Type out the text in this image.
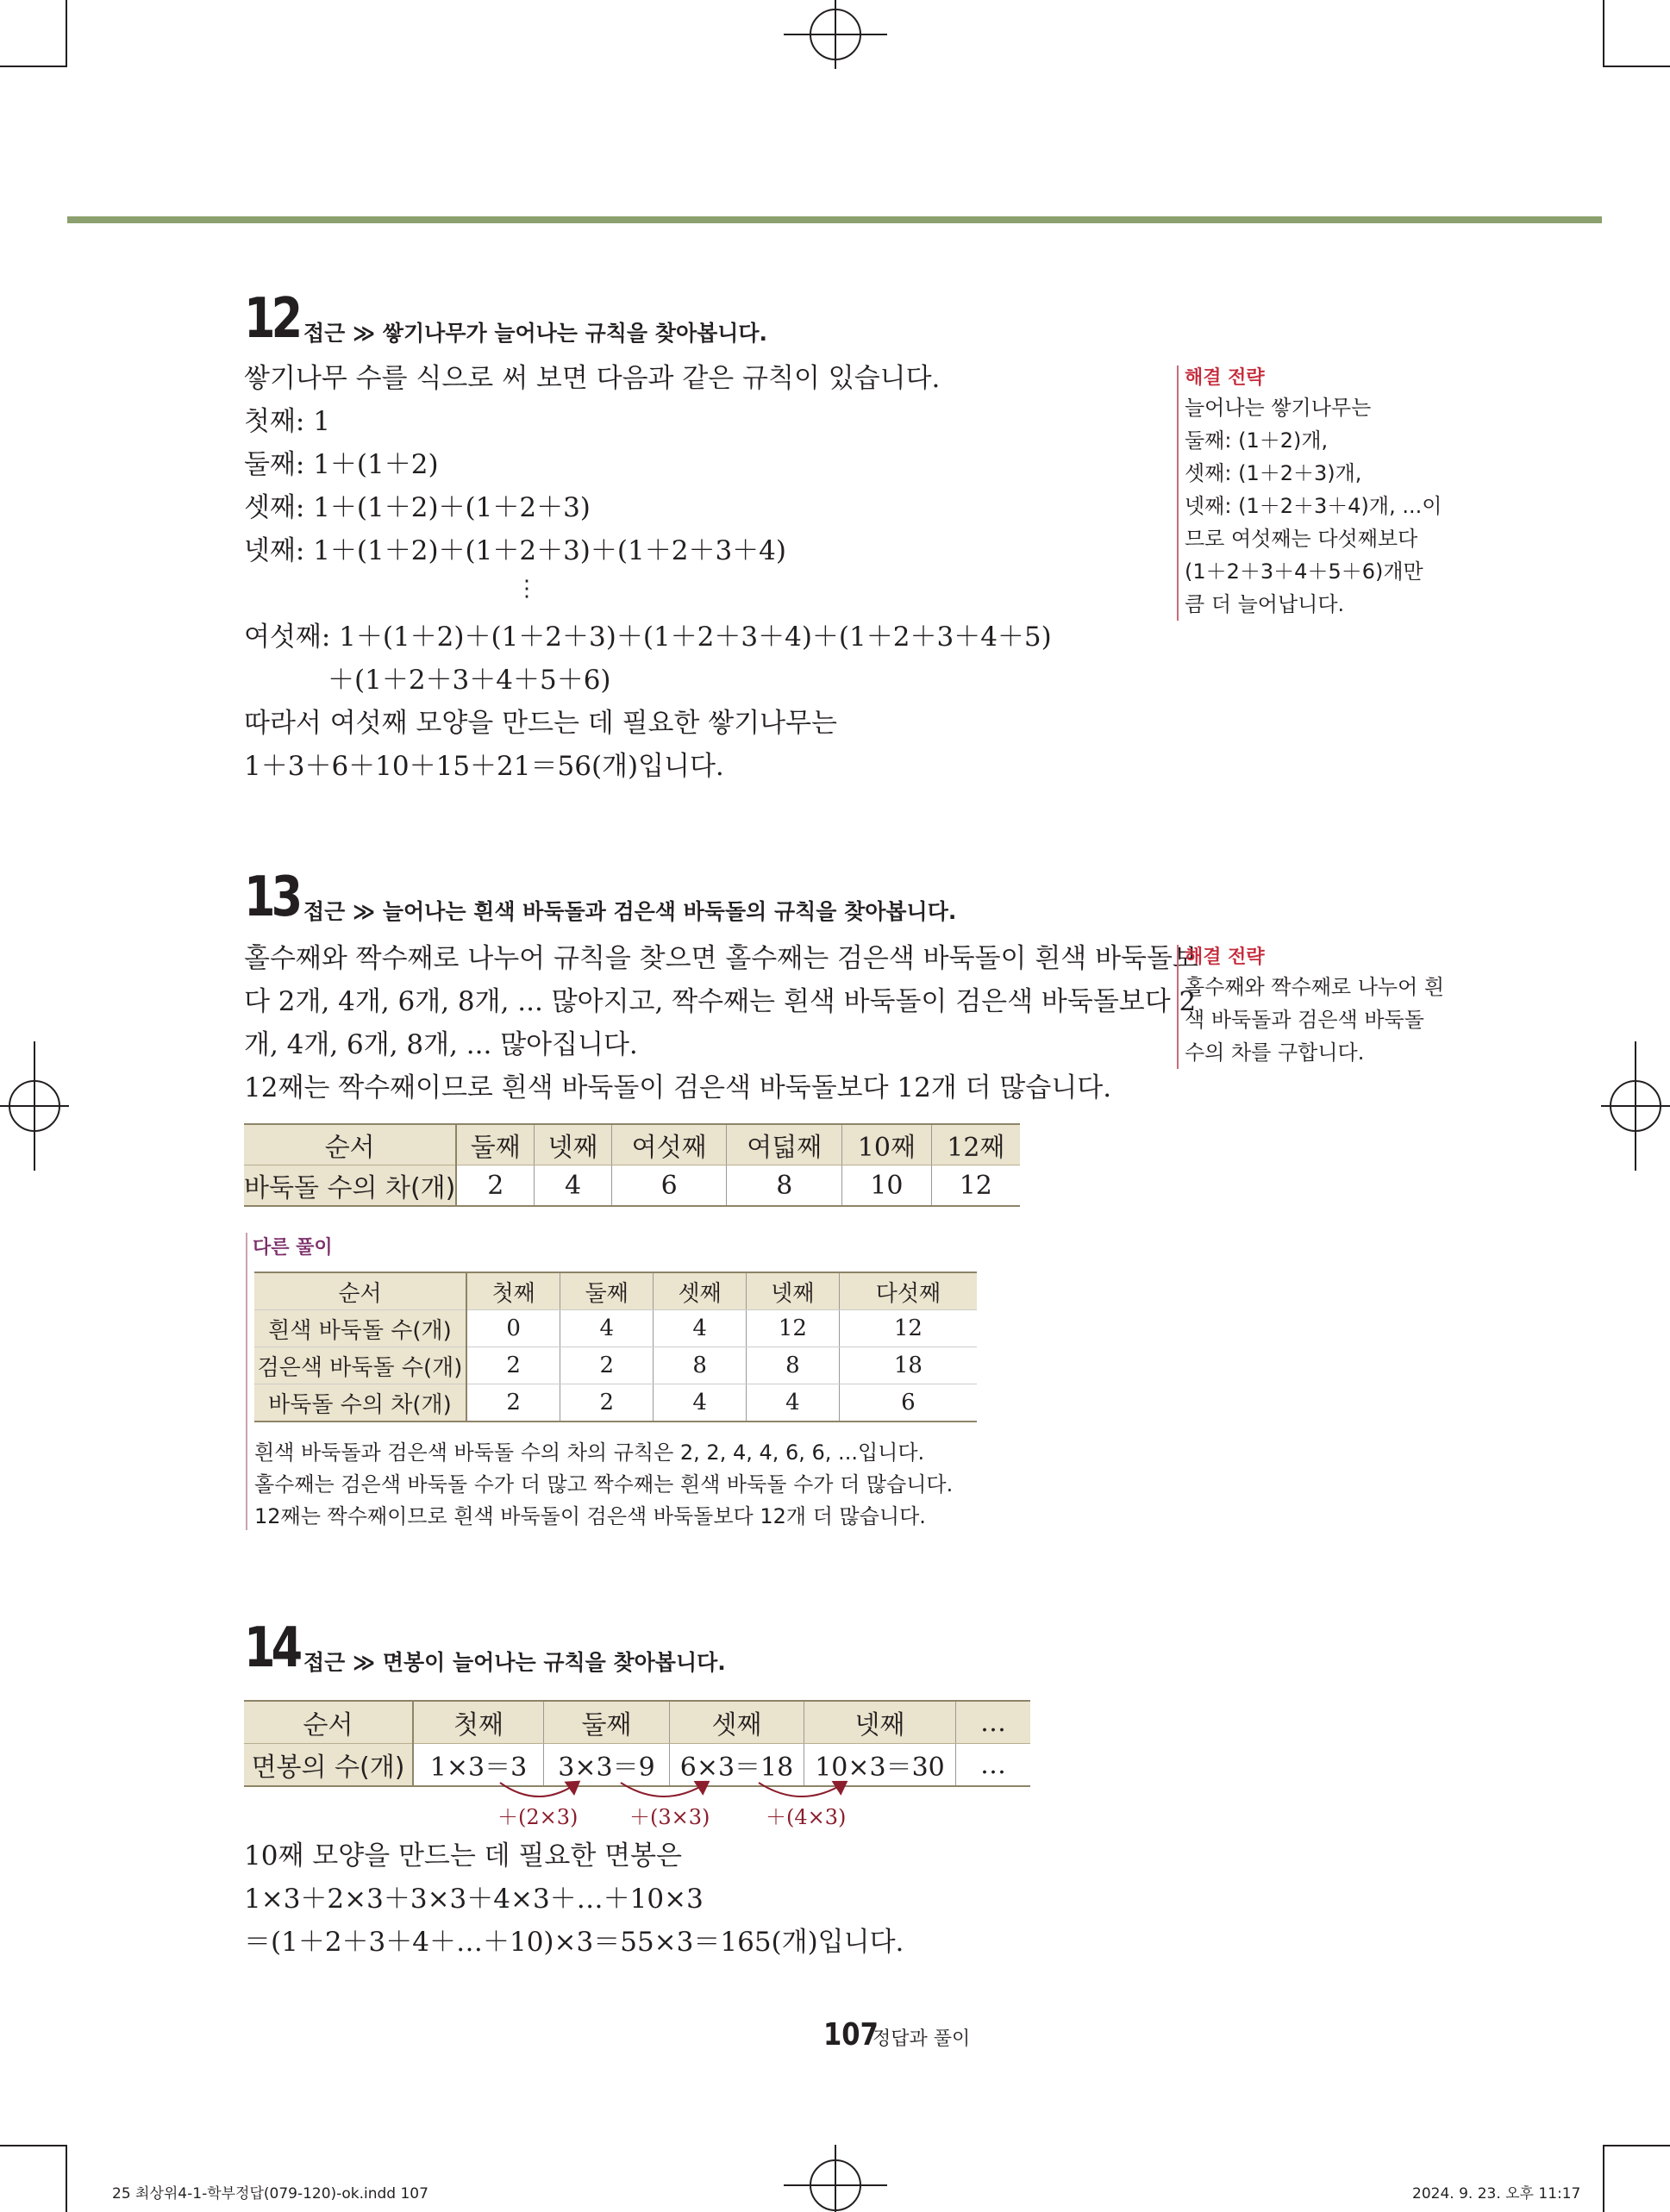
12 접근 ≫ 쌓기나무가 늘어나는 규칙을 찾아봅니다.
쌓기나무 수를 식으로 써 보면 다음과 같은 규칙이 있습니다.
첫째: 1
둘째: 1＋(1＋2)
셋째: 1＋(1＋2)＋(1＋2＋3)
넷째: 1＋(1＋2)＋(1＋2＋3)＋(1＋2＋3＋4)
⋮
여섯째: 1＋(1＋2)＋(1＋2＋3)＋(1＋2＋3＋4)＋(1＋2＋3＋4＋5)
＋(1＋2＋3＋4＋5＋6)
따라서 여섯째 모양을 만드는 데 필요한 쌓기나무는
1＋3＋6＋10＋15＋21＝56(개)입니다.
해결 전략
늘어나는 쌓기나무는
둘째: (1＋2)개,
셋째: (1＋2＋3)개,
넷째: (1＋2＋3＋4)개, ...이
므로 여섯째는 다섯째보다
(1＋2＋3＋4＋5＋6)개만
큼 더 늘어납니다.
13 접근 ≫ 늘어나는 흰색 바둑돌과 검은색 바둑돌의 규칙을 찾아봅니다.
홀수째와 짝수째로 나누어 규칙을 찾으면 홀수째는 검은색 바둑돌이 흰색 바둑돌보
다 2개, 4개, 6개, 8개, ... 많아지고, 짝수째는 흰색 바둑돌이 검은색 바둑돌보다 2
개, 4개, 6개, 8개, ... 많아집니다.
12째는 짝수째이므로 흰색 바둑돌이 검은색 바둑돌보다 12개 더 많습니다.
순서	둘째	넷째	여섯째	여덟째	10째	12째
바둑돌 수의 차(개)	2	4	6	8	10	12
해결 전략
홀수째와 짝수째로 나누어 흰
색 바둑돌과 검은색 바둑돌
수의 차를 구합니다.
다른 풀이
순서	첫째	둘째	셋째	넷째	다섯째
흰색 바둑돌 수(개)	0	4	4	12	12
검은색 바둑돌 수(개)	2	2	8	8	18
바둑돌 수의 차(개)	2	2	4	4	6
흰색 바둑돌과 검은색 바둑돌 수의 차의 규칙은 2, 2, 4, 4, 6, 6, ...입니다.
홀수째는 검은색 바둑돌 수가 더 많고 짝수째는 흰색 바둑돌 수가 더 많습니다.
12째는 짝수째이므로 흰색 바둑돌이 검은색 바둑돌보다 12개 더 많습니다.
14 접근 ≫ 면봉이 늘어나는 규칙을 찾아봅니다.
순서	첫째	둘째	셋째	넷째	…
면봉의 수(개)	1×3＝3	3×3＝9	6×3＝18	10×3＝30	…
＋(2×3) ＋(3×3)	＋(4×3)
10째 모양을 만드는 데 필요한 면봉은
1×3＋2×3＋3×3＋4×3＋…＋10×3
＝(1＋2＋3＋4＋…＋10)×3＝55×3＝165(개)입니다.
107
정답과 풀이
25 최상위4-1-학부정답(079-120)-ok.indd 107	2024. 9. 23. 오후 11:17
